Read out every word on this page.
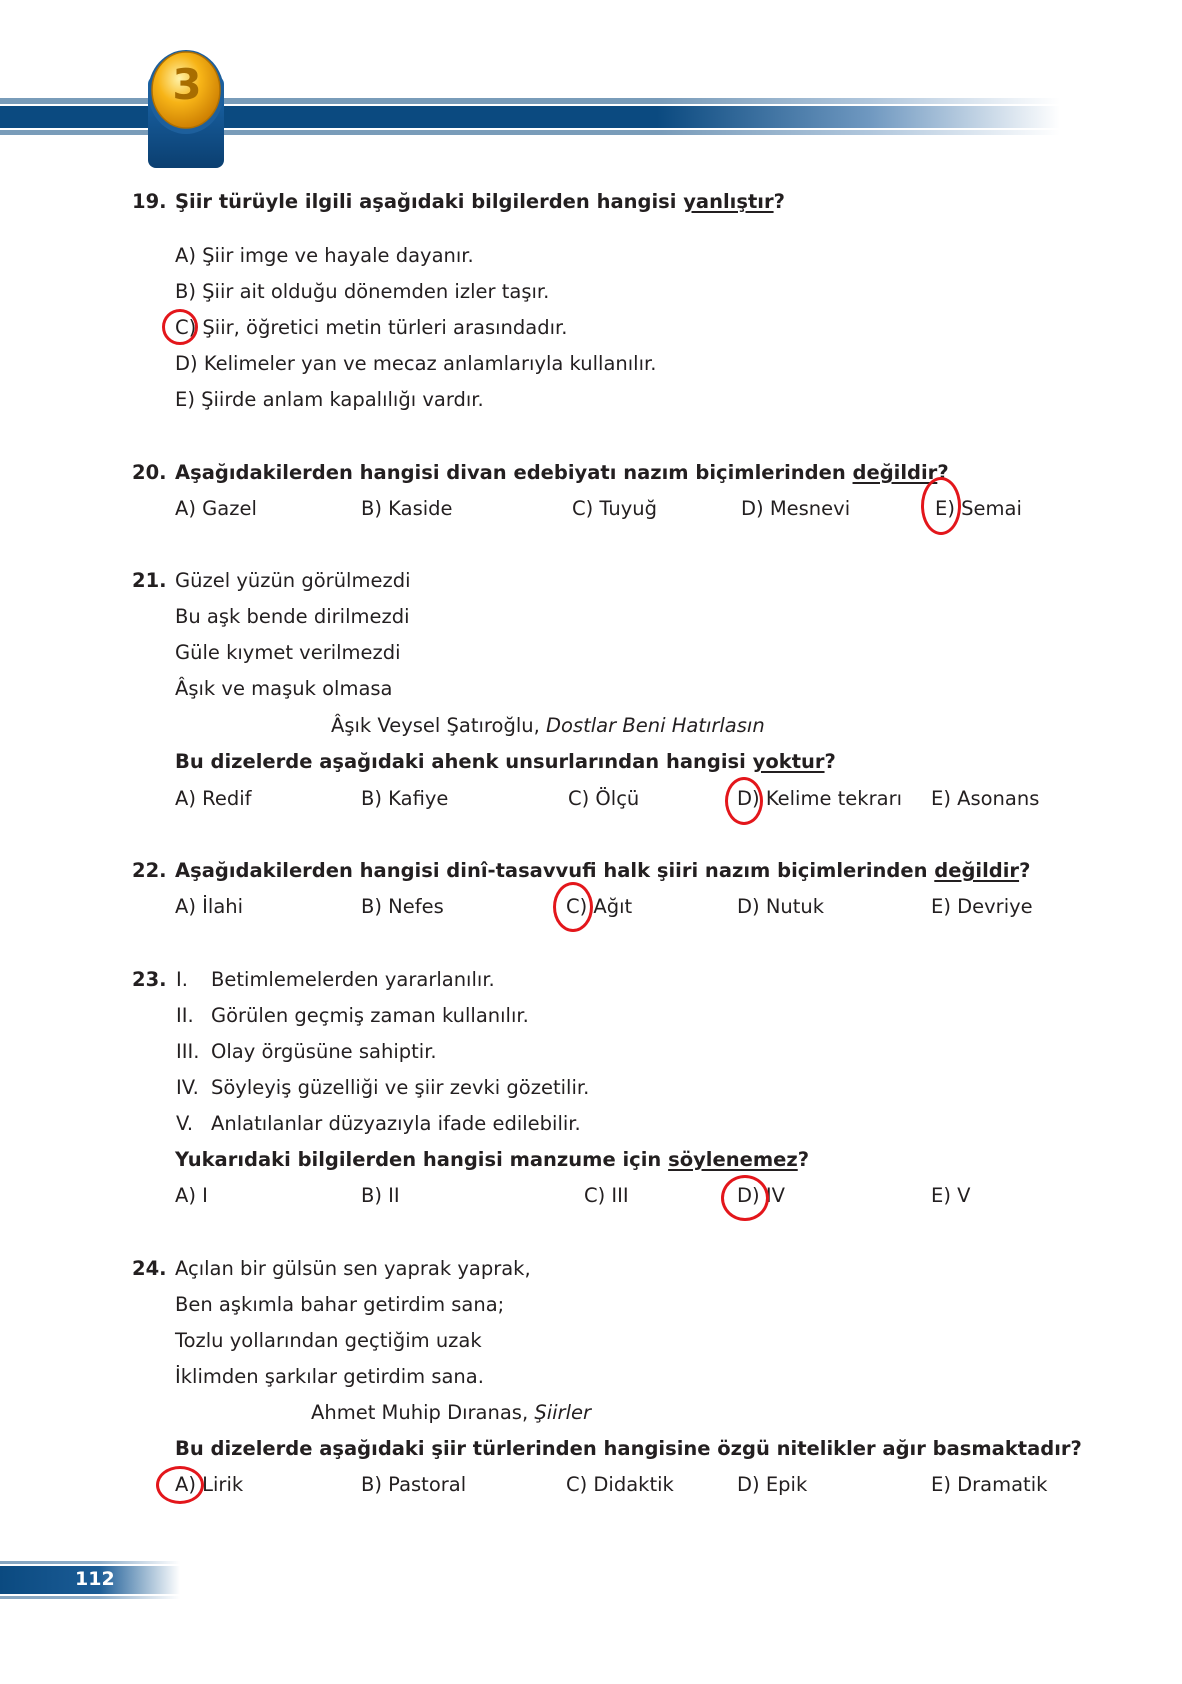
3
19. Şiir türüyle ilgili aşağıdaki bilgilerden hangisi yanlıştır?
A) Şiir imge ve hayale dayanır.
B) Şiir ait olduğu dönemden izler taşır.
C) Şiir, öğretici metin türleri arasındadır.
D) Kelimeler yan ve mecaz anlamlarıyla kullanılır.
E) Şiirde anlam kapalılığı vardır.
20. Aşağıdakilerden hangisi divan edebiyatı nazım biçimlerinden değildir?
A) Gazel	B) Kaside	C) Tuyuğ	D) Mesnevi	E) Semai
21. Güzel yüzün görülmezdi
Bu aşk bende dirilmezdi
Güle kıymet verilmezdi
Âşık ve maşuk olmasa
Âşık Veysel Şatıroğlu, Dostlar Beni Hatırlasın
Bu dizelerde aşağıdaki ahenk unsurlarından hangisi yoktur?
A) Redif	B) Kafiye	C) Ölçü	D) Kelime tekrarı E) Asonans
22. Aşağıdakilerden hangisi dinî-tasavvufi halk şiiri nazım biçimlerinden değildir?
A) İlahi	B) Nefes	C) Ağıt	D) Nutuk	E) Devriye
23. I. Betimlemelerden yararlanılır.
II. Görülen geçmiş zaman kullanılır.
III. Olay örgüsüne sahiptir.
IV. Söyleyiş güzelliği ve şiir zevki gözetilir.
V. Anlatılanlar düzyazıyla ifade edilebilir.
Yukarıdaki bilgilerden hangisi manzume için söylenemez?
A) I	B) II	C) III	D) IV	E) V
24. Açılan bir gülsün sen yaprak yaprak,
Ben aşkımla bahar getirdim sana;
Tozlu yollarından geçtiğim uzak
İklimden şarkılar getirdim sana.
Ahmet Muhip Dıranas, Şiirler
Bu dizelerde aşağıdaki şiir türlerinden hangisine özgü nitelikler ağır basmaktadır?
A) Lirik	B) Pastoral	C) Didaktik	D) Epik	E) Dramatik
112
